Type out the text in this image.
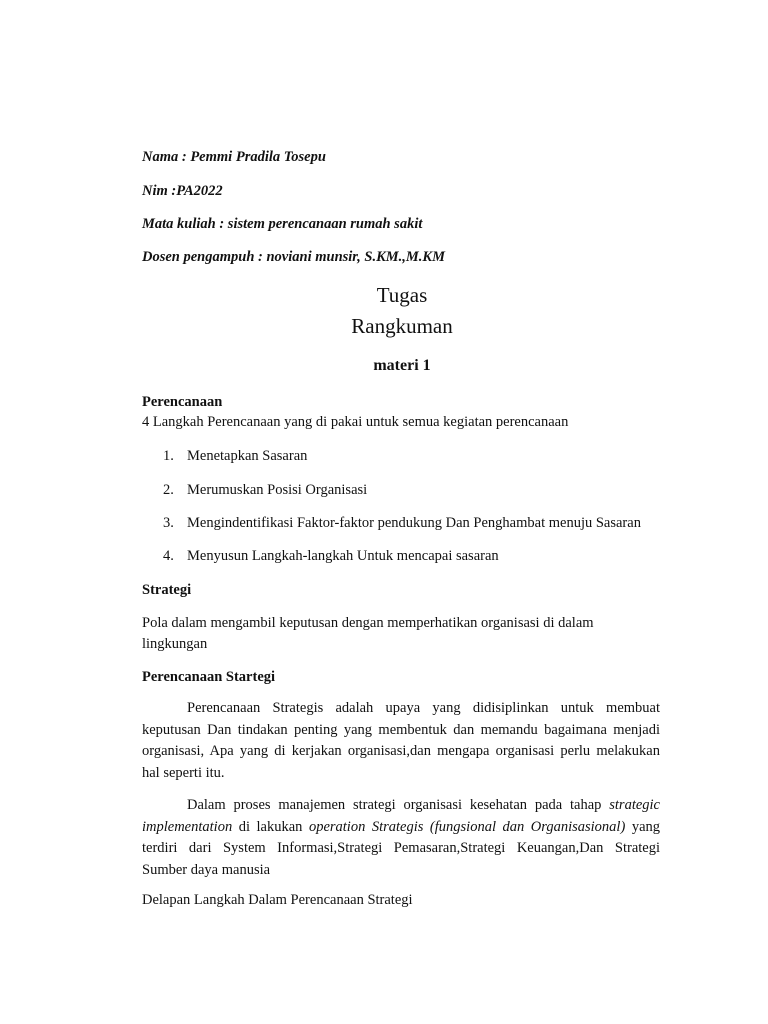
Nama : Pemmi Pradila Tosepu

Nim :PA2022

Mata kuliah : sistem perencanaan rumah sakit

Dosen pengampuh : noviani munsir, S.KM.,M.KM

Tugas

Rangkuman

materi 1

Perencanaan

4 Langkah Perencanaan yang di pakai untuk semua kegiatan perencanaan

1. Menetapkan Sasaran
2. Merumuskan Posisi Organisasi
3. Mengindentifikasi Faktor-faktor pendukung Dan Penghambat menuju Sasaran
4. Menyusun Langkah-langkah Untuk mencapai sasaran

Strategi

Pola dalam mengambil keputusan dengan memperhatikan organisasi di dalam

lingkungan

Perencanaan Startegi

Perencanaan Strategis adalah upaya yang didisiplinkan untuk membuat
keputusan Dan tindakan penting yang membentuk dan memandu bagaimana menjadi
organisasi, Apa yang di kerjakan organisasi,dan mengapa organisasi perlu melakukan
hal seperti itu.
Dalam proses manajemen strategi organisasi kesehatan pada tahap strategic
implementation di lakukan operation Strategis (fungsional dan Organisasional) yang
terdiri dari System Informasi,Strategi Pemasaran,Strategi Keuangan,Dan Strategi
Sumber daya manusia

Delapan Langkah Dalam Perencanaan Strategi
